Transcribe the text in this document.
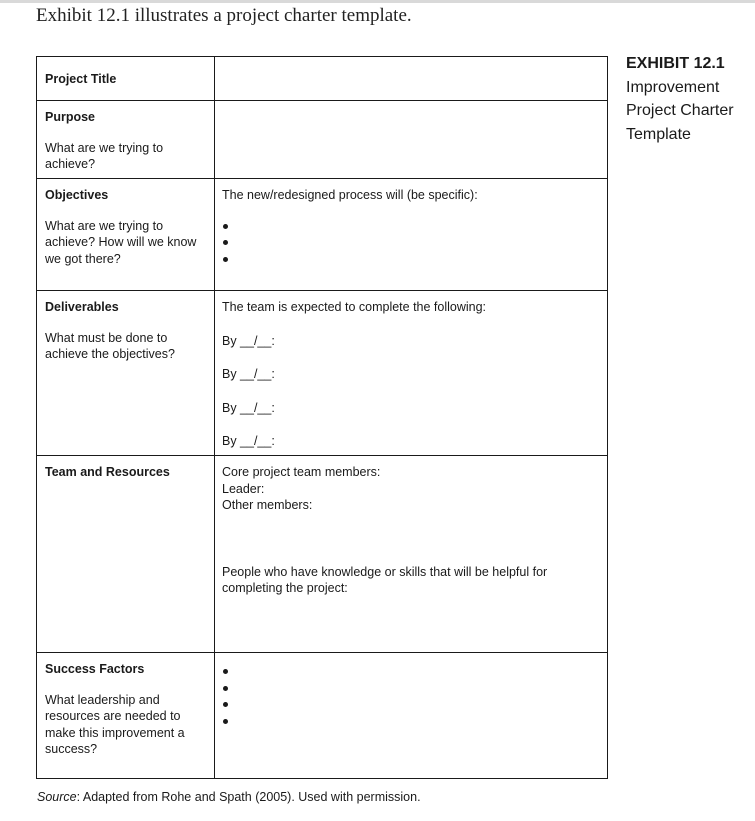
Exhibit 12.1 illustrates a project charter template.
Project Title
Purpose
What are we trying to achieve?
Objectives
What are we trying to achieve? How will we know we got there?
The new/redesigned process will (be specific):
Deliverables
What must be done to achieve the objectives?
The team is expected to complete the following:
By __/__:
By __/__:
By __/__:
By __/__:
Team and Resources	Core project team members:
Leader:
Other members:
People who have knowledge or skills that will be helpful for completing the project:
Success Factors
What leadership and resources are needed to make this improvement a success?
EXHIBIT 12.1
Improvement
Project Charter
Template
Source: Adapted from Rohe and Spath (2005). Used with permission.
